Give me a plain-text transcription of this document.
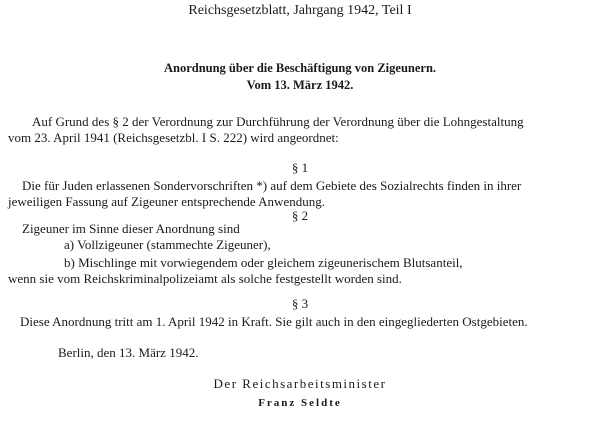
Reichsgesetzblatt, Jahrgang 1942, Teil I
Anordnung über die Beschäftigung von Zigeunern.
Vom 13. März 1942.
Auf Grund des § 2 der Verordnung zur Durchführung der Verordnung über die Lohngestaltung
vom 23. April 1941 (Reichsgesetzbl. I S. 222) wird angeordnet:
§ 1
Die für Juden erlassenen Sondervorschriften *) auf dem Gebiete des Sozialrechts finden in ihrer
jeweiligen Fassung auf Zigeuner entsprechende Anwendung.
§ 2
Zigeuner im Sinne dieser Anordnung sind
a) Vollzigeuner (stammechte Zigeuner),
b) Mischlinge mit vorwiegendem oder gleichem zigeunerischem Blutsanteil,
wenn sie vom Reichskriminalpolizeiamt als solche festgestellt worden sind.
§ 3
Diese Anordnung tritt am 1. April 1942 in Kraft. Sie gilt auch in den eingegliederten Ostgebieten.
Berlin, den 13. März 1942.
Der Reichsarbeitsminister
Franz Seldte
